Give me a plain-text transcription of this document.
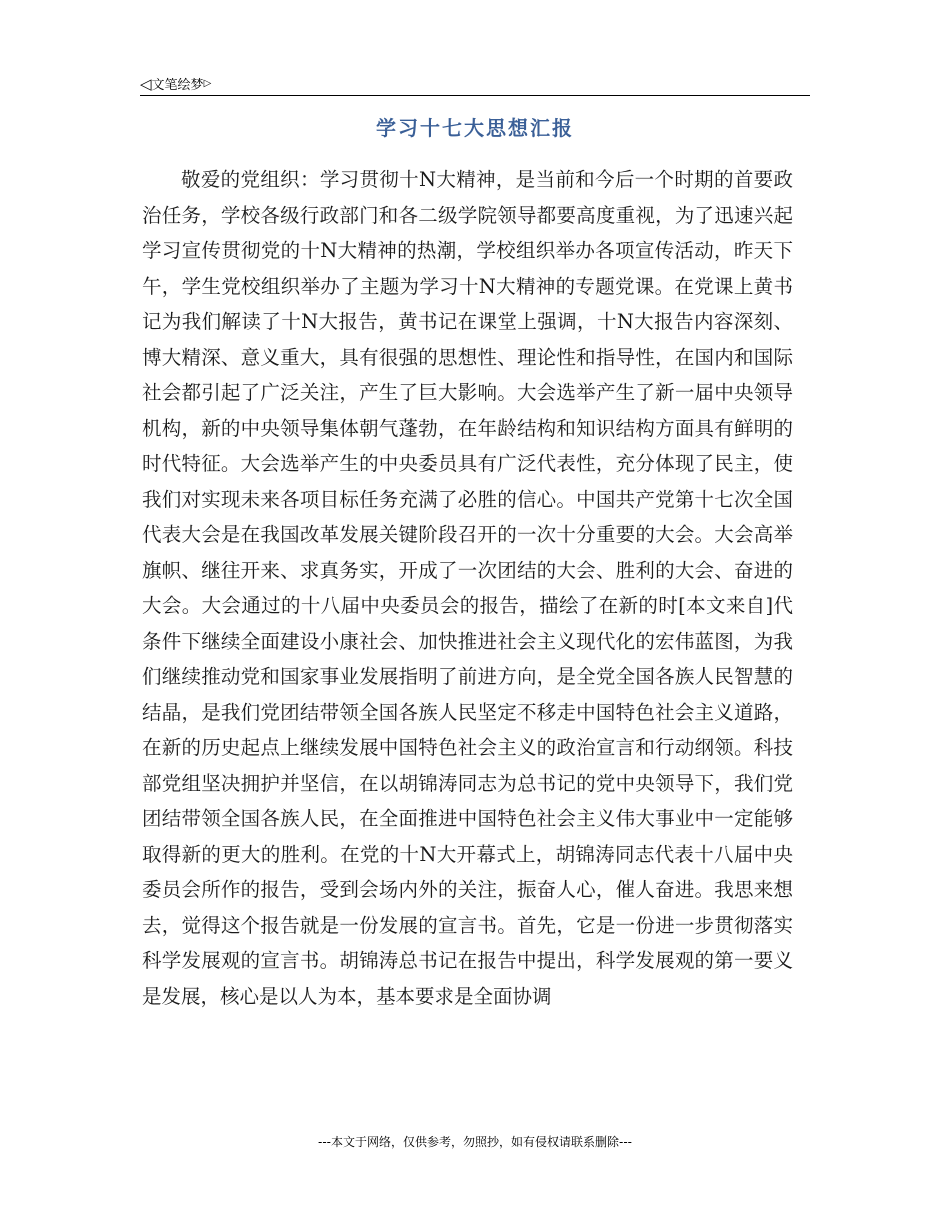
◁文笔绘梦▷
学习十七大思想汇报

敬爱的党组织：学习贯彻十N大精神，是当前和今后一个时期的首要政治任务，学校各级行政部门和各二级学院领导都要高度重视，为了迅速兴起学习宣传贯彻党的十N大精神的热潮，学校组织举办各项宣传活动，昨天下午，学生党校组织举办了主题为学习十N大精神的专题党课。在党课上黄书记为我们解读了十N大报告，黄书记在课堂上强调，十N大报告内容深刻、博大精深、意义重大，具有很强的思想性、理论性和指导性，在国内和国际社会都引起了广泛关注，产生了巨大影响。大会选举产生了新一届中央领导机构，新的中央领导集体朝气蓬勃，在年龄结构和知识结构方面具有鲜明的时代特征。大会选举产生的中央委员具有广泛代表性，充分体现了民主，使我们对实现未来各项目标任务充满了必胜的信心。中国共产党第十七次全国代表大会是在我国改革发展关键阶段召开的一次十分重要的大会。大会高举旗帜、继往开来、求真务实，开成了一次团结的大会、胜利的大会、奋进的大会。大会通过的十八届中央委员会的报告，描绘了在新的时[本文来自]代条件下继续全面建设小康社会、加快推进社会主义现代化的宏伟蓝图，为我们继续推动党和国家事业发展指明了前进方向，是全党全国各族人民智慧的结晶，是我们党团结带领全国各族人民坚定不移走中国特色社会主义道路，在新的历史起点上继续发展中国特色社会主义的政治宣言和行动纲领。科技部党组坚决拥护并坚信，在以胡锦涛同志为总书记的党中央领导下，我们党团结带领全国各族人民，在全面推进中国特色社会主义伟大事业中一定能够取得新的更大的胜利。在党的十N大开幕式上，胡锦涛同志代表十八届中央委员会所作的报告，受到会场内外的关注，振奋人心，催人奋进。我思来想去，觉得这个报告就是一份发展的宣言书。首先，它是一份进一步贯彻落实科学发展观的宣言书。胡锦涛总书记在报告中提出，科学发展观的第一要义是发展，核心是以人为本，基本要求是全面协调

---本文于网络，仅供参考，勿照抄，如有侵权请联系删除---
